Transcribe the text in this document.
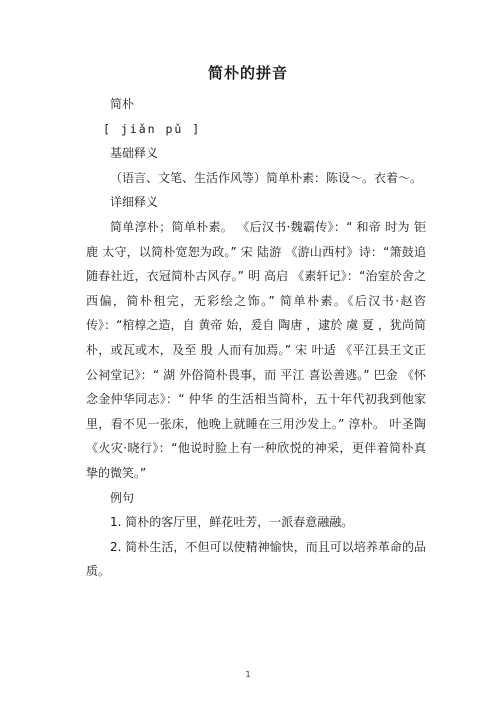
简朴的拼音

简朴

[ jiǎn pǔ ]

基础释义

（语言、文笔、生活作风等）简单朴素：陈设～。衣着～。

详细释义

简单淳朴；简单朴素。 《后汉书·魏霸传》：“ 和帝 时为 钜鹿 太守，以简朴宽恕为政。” 宋 陆游 《游山西村》诗：“箫鼓追随春社近，衣冠简朴古风存。” 明 高启 《素轩记》：“治室於舍之西偏，简朴租完，无彩绘之饰。” 简单朴素。《后汉书·赵咨传》：“棺椁之造，自 黄帝 始，爰自 陶唐 ，逮於 虞 夏 ，犹尚简朴，或瓦或木，及至 殷 人而有加焉。” 宋 叶适 《平江县王文正公祠堂记》：“ 湖 外俗简朴畏事，而 平江 喜讼善逃。” 巴金 《怀念金仲华同志》：“ 仲华 的生活相当简朴，五十年代初我到他家里，看不见一张床，他晚上就睡在三用沙发上。” 淳朴。 叶圣陶 《火灾·晓行》：“他说时脸上有一种欣悦的神采，更伴着简朴真挚的微笑。”

例句

1. 简朴的客厅里，鲜花吐芳，一派春意融融。

2. 简朴生活，不但可以使精神愉快，而且可以培养革命的品质。

1
